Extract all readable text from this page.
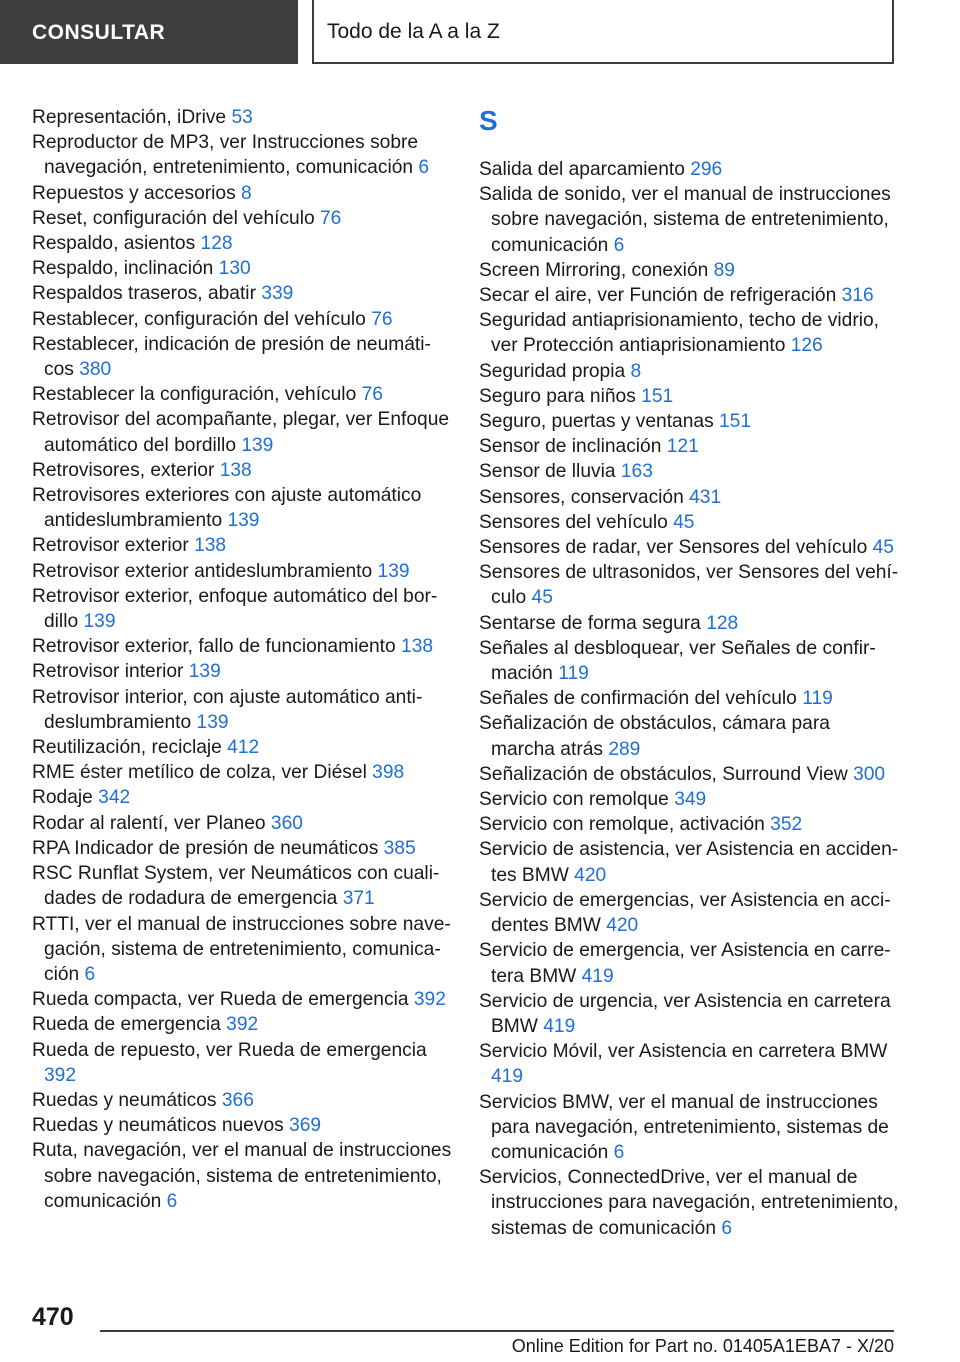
CONSULTAR	Todo de la A a la Z
Representación, iDrive 53
Reproductor de MP3, ver Instrucciones sobre navegación, entretenimiento, comunicación 6
Repuestos y accesorios 8
Reset, configuración del vehículo 76
Respaldo, asientos 128
Respaldo, inclinación 130
Respaldos traseros, abatir 339
Restablecer, configuración del vehículo 76
Restablecer, indicación de presión de neumáticos 380
Restablecer la configuración, vehículo 76
Retrovisor del acompañante, plegar, ver Enfoque automático del bordillo 139
Retrovisores, exterior 138
Retrovisores exteriores con ajuste automático antideslumbramiento 139
Retrovisor exterior 138
Retrovisor exterior antideslumbramiento 139
Retrovisor exterior, enfoque automático del bordillo 139
Retrovisor exterior, fallo de funcionamiento 138
Retrovisor interior 139
Retrovisor interior, con ajuste automático antideslumbramiento 139
Reutilización, reciclaje 412
RME éster metílico de colza, ver Diésel 398
Rodaje 342
Rodar al ralentí, ver Planeo 360
RPA Indicador de presión de neumáticos 385
RSC Runflat System, ver Neumáticos con cualidades de rodadura de emergencia 371
RTTI, ver el manual de instrucciones sobre navegación, sistema de entretenimiento, comunicación 6
Rueda compacta, ver Rueda de emergencia 392
Rueda de emergencia 392
Rueda de repuesto, ver Rueda de emergencia 392
Ruedas y neumáticos 366
Ruedas y neumáticos nuevos 369
Ruta, navegación, ver el manual de instrucciones sobre navegación, sistema de entretenimiento, comunicación 6
S
Salida del aparcamiento 296
Salida de sonido, ver el manual de instrucciones sobre navegación, sistema de entretenimiento, comunicación 6
Screen Mirroring, conexión 89
Secar el aire, ver Función de refrigeración 316
Seguridad antiaprisionamiento, techo de vidrio, ver Protección antiaprisionamiento 126
Seguridad propia 8
Seguro para niños 151
Seguro, puertas y ventanas 151
Sensor de inclinación 121
Sensor de lluvia 163
Sensores, conservación 431
Sensores del vehículo 45
Sensores de radar, ver Sensores del vehículo 45
Sensores de ultrasonidos, ver Sensores del vehículo 45
Sentarse de forma segura 128
Señales al desbloquear, ver Señales de confirmación 119
Señales de confirmación del vehículo 119
Señalización de obstáculos, cámara para marcha atrás 289
Señalización de obstáculos, Surround View 300
Servicio con remolque 349
Servicio con remolque, activación 352
Servicio de asistencia, ver Asistencia en accidentes BMW 420
Servicio de emergencias, ver Asistencia en accidentes BMW 420
Servicio de emergencia, ver Asistencia en carretera BMW 419
Servicio de urgencia, ver Asistencia en carretera BMW 419
Servicio Móvil, ver Asistencia en carretera BMW 419
Servicios BMW, ver el manual de instrucciones para navegación, entretenimiento, sistemas de comunicación 6
Servicios, ConnectedDrive, ver el manual de instrucciones para navegación, entretenimiento, sistemas de comunicación 6
470
Online Edition for Part no. 01405A1EBA7 - X/20
